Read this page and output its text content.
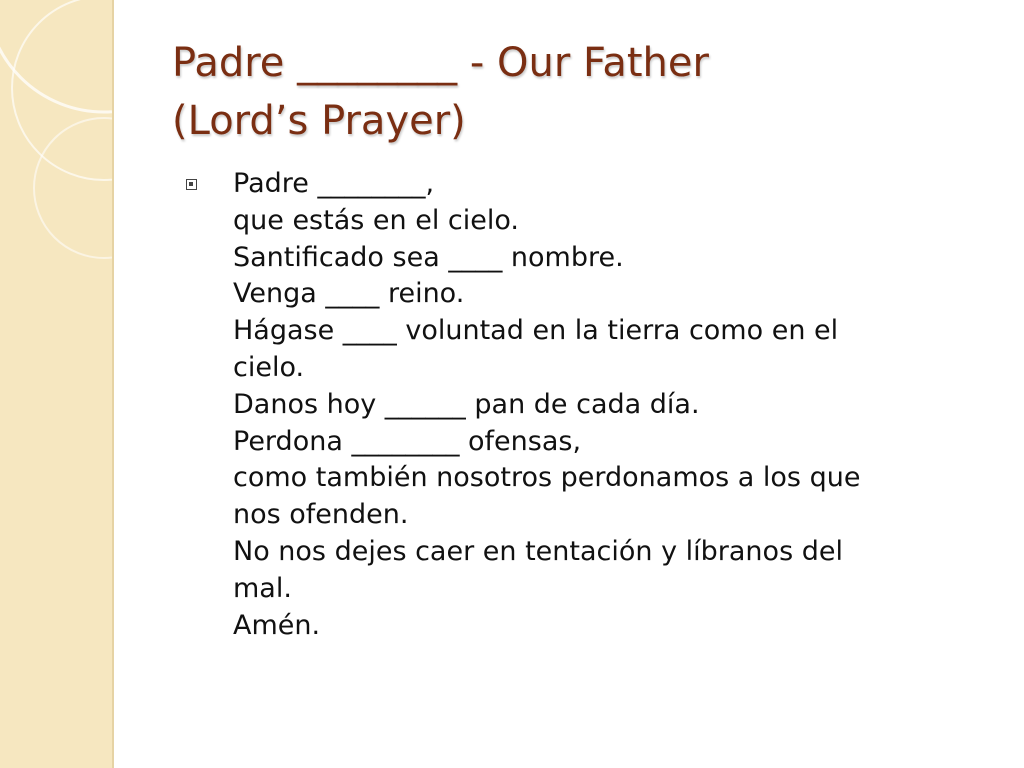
Padre ________ - Our Father
(Lord’s Prayer)
Padre ________,
que estás en el cielo.
Santificado sea ____ nombre.
Venga ____ reino.
Hágase ____ voluntad en la tierra como en el
cielo.
Danos hoy ______ pan de cada día.
Perdona ________ ofensas,
como también nosotros perdonamos a los que
nos ofenden.
No nos dejes caer en tentación y líbranos del
mal.
Amén.
